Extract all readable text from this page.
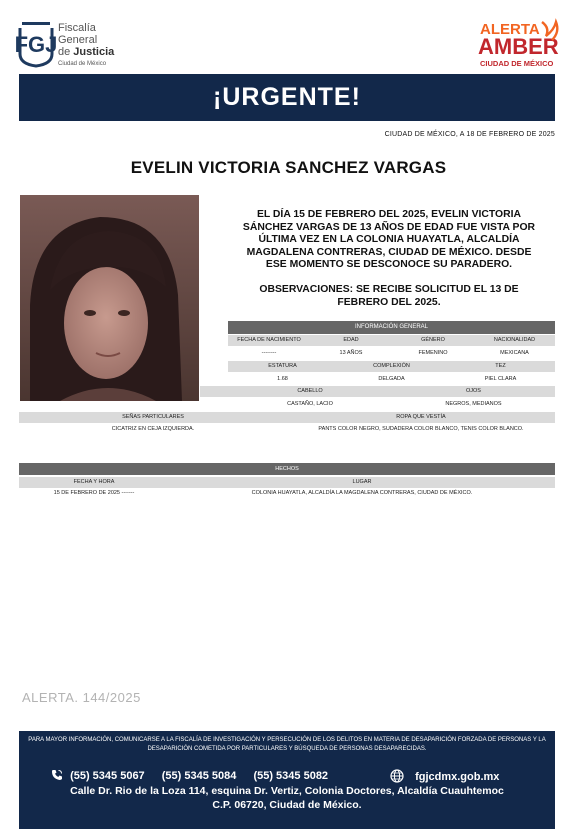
FGJ
Fiscalía
General
de Justicia
Ciudad de México
ALERTA
AMBER
CIUDAD DE MÉXICO
¡URGENTE!
CIUDAD DE MÉXICO, A 18 DE FEBRERO DE 2025
EVELIN VICTORIA SANCHEZ VARGAS
EL DÍA 15 DE FEBRERO DEL 2025, EVELIN VICTORIA SÁNCHEZ VARGAS DE 13 AÑOS DE EDAD FUE VISTA POR ÚLTIMA VEZ EN LA COLONIA HUAYATLA, ALCALDÍA MAGDALENA CONTRERAS, CIUDAD DE MÉXICO. DESDE ESE MOMENTO SE DESCONOCE SU PARADERO.
OBSERVACIONES: SE RECIBE SOLICITUD EL 13 DE FEBRERO DEL 2025.
INFORMACIÓN GENERAL
FECHA DE NACIMIENTO	EDAD	GÉNERO	NACIONALIDAD
--------	13 AÑOS	FEMENINO	MEXICANA
ESTATURA	COMPLEXIÓN	TEZ
1.68	DELGADA	PIEL CLARA
CABELLO	OJOS
CASTAÑO, LACIO	NEGROS, MEDIANOS
SEÑAS PARTICULARES	ROPA QUE VESTÍA
CICATRIZ EN CEJA IZQUIERDA.	PANTS COLOR NEGRO, SUDADERA COLOR BLANCO, TENIS COLOR BLANCO.
HECHOS
FECHA Y HORA	LUGAR
15 DE FEBRERO DE 2025 -------	COLONIA HUAYATLA, ALCALDÍA LA MAGDALENA CONTRERAS, CIUDAD DE MÉXICO.
ALERTA. 144/2025
PARA MAYOR INFORMACIÓN, COMUNICARSE A LA FISCALÍA DE INVESTIGACIÓN Y PERSECUCIÓN DE LOS DELITOS EN MATERIA DE DESAPARICIÓN FORZADA DE PERSONAS Y LA DESAPARICIÓN COMETIDA POR PARTICULARES Y BÚSQUEDA DE PERSONAS DESAPARECIDAS.
(55) 5345 5067 (55) 5345 5084 (55) 5345 5082	fgjcdmx.gob.mx
Calle Dr. Rio de la Loza 114, esquina Dr. Vertiz, Colonia Doctores, Alcaldía Cuauhtemoc
C.P. 06720, Ciudad de México.
